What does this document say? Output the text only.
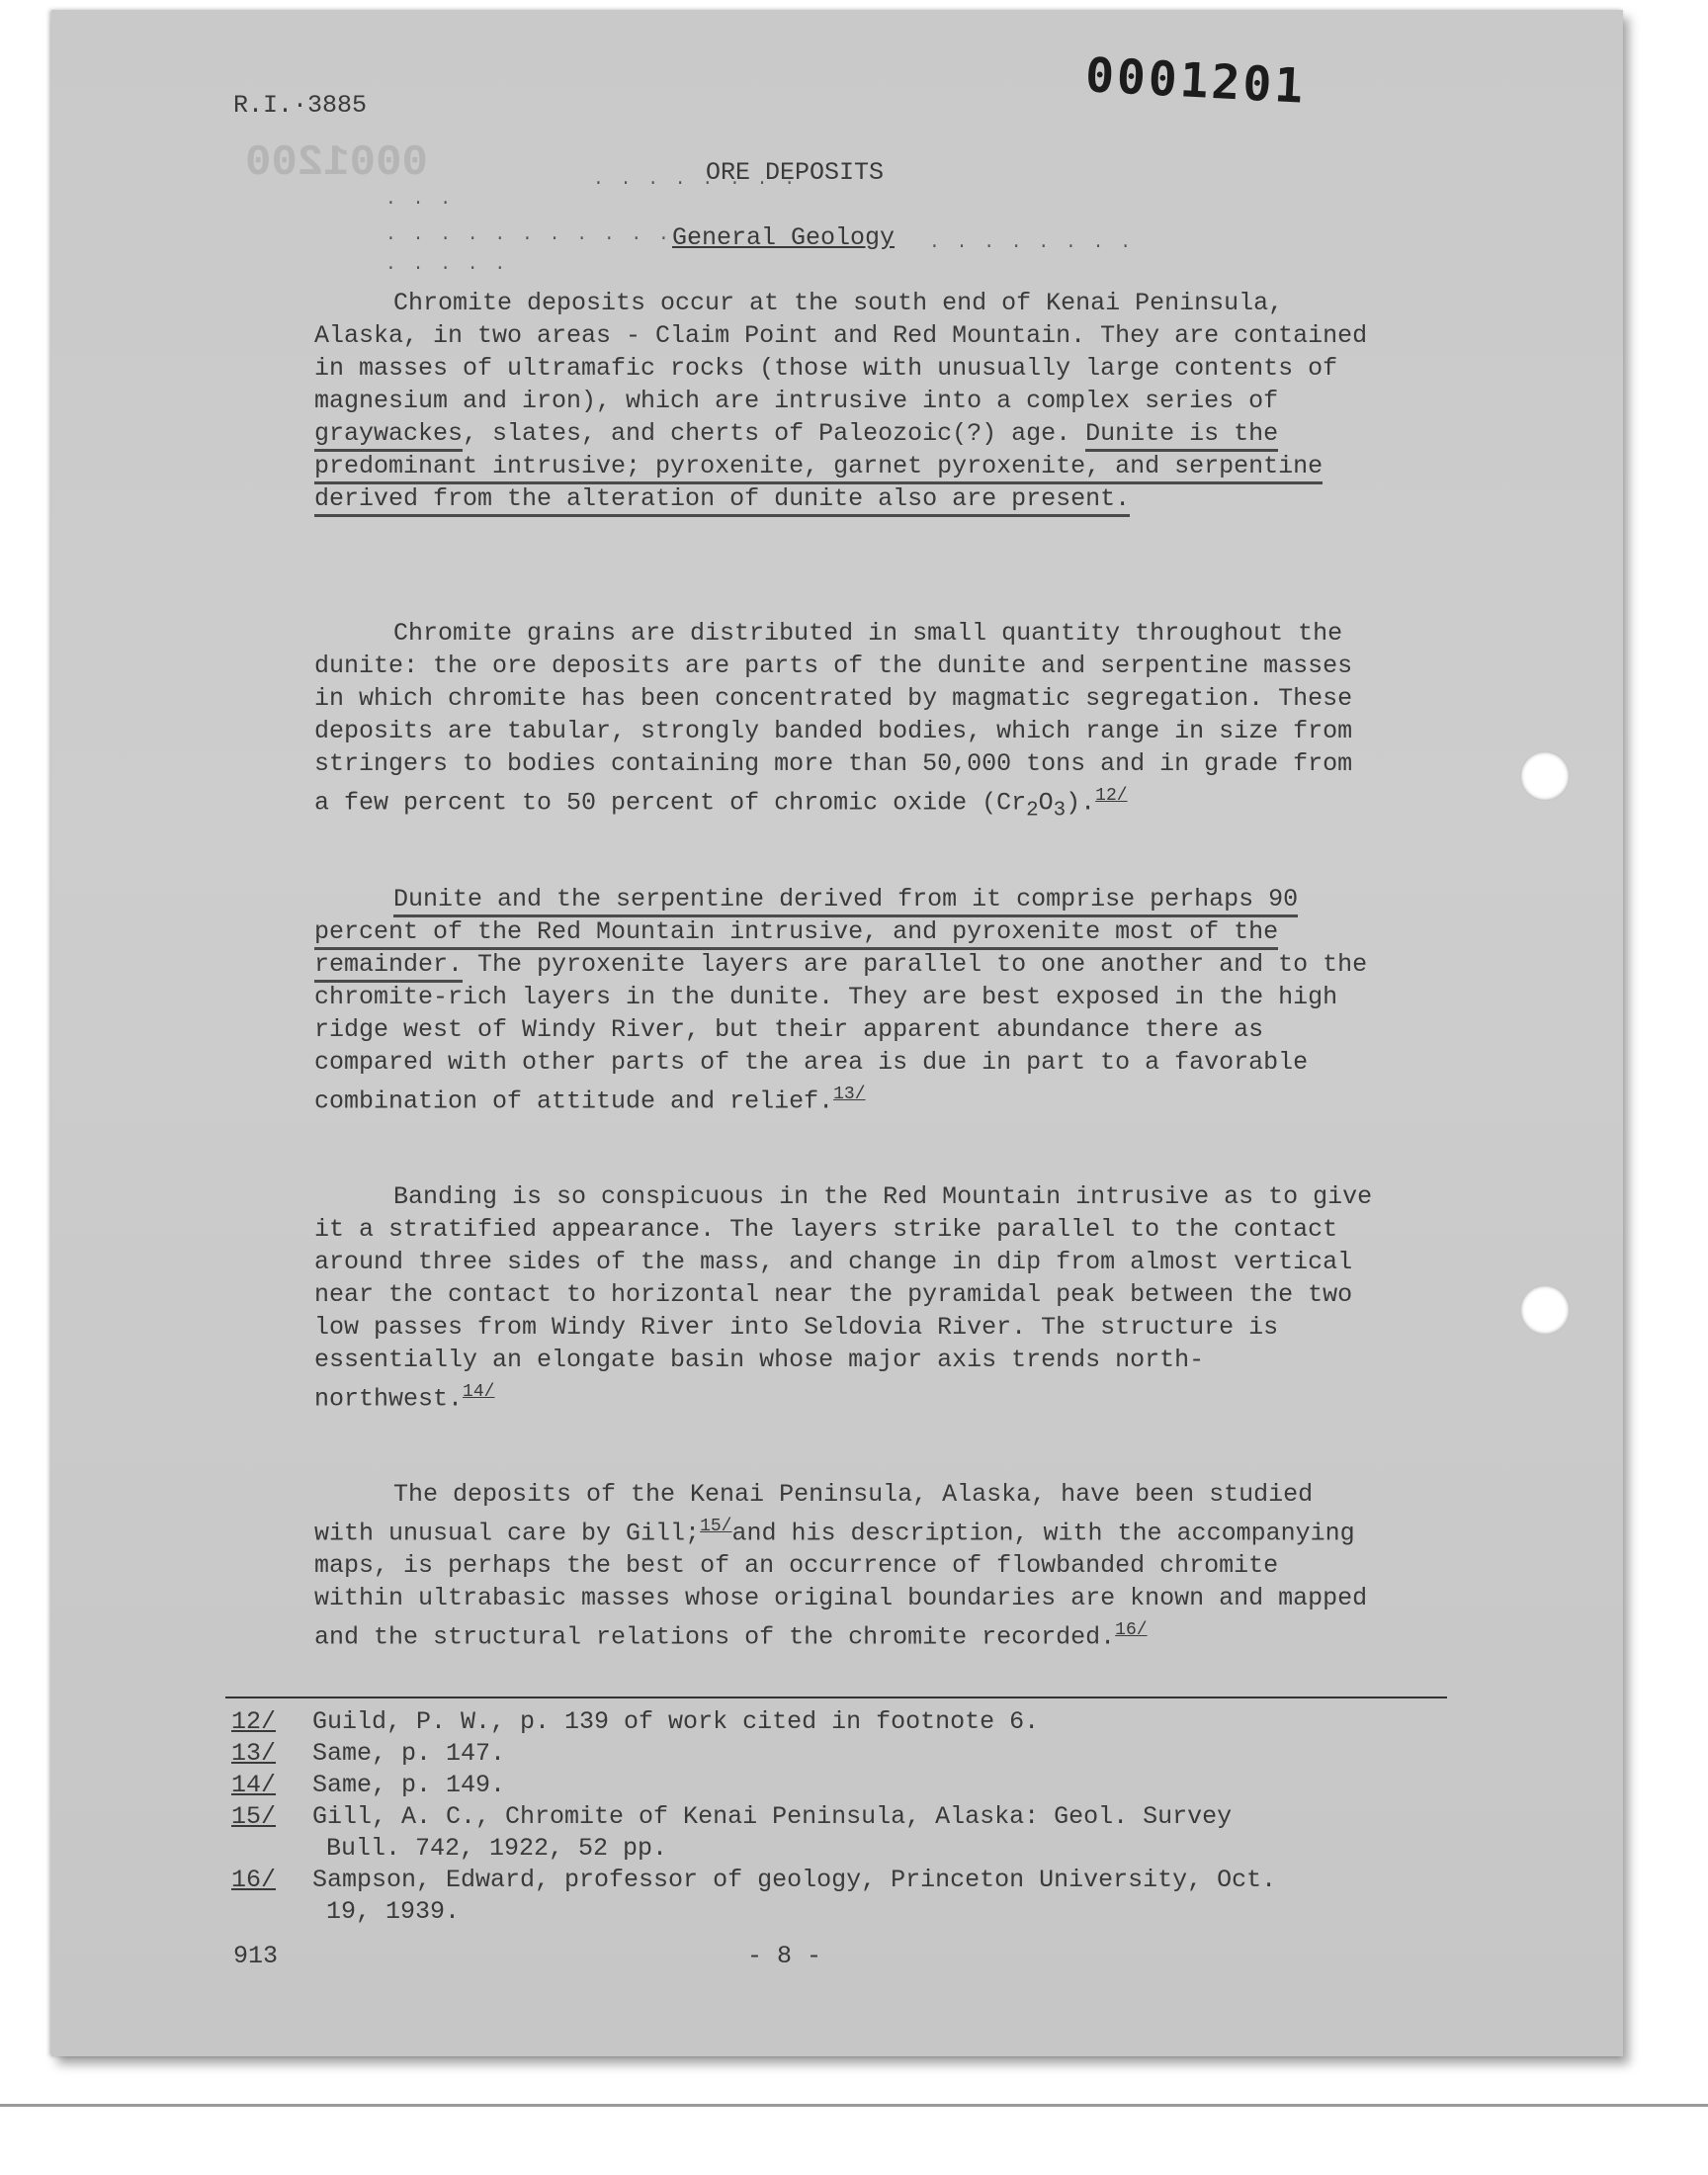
0001200
R.I.·3885	0001201
· · ·
· · · · · · · ·
ORE DEPOSITS
· · · · · · · · · · · ·
General Geology · · · · · · · ·
· · · · ·

Chromite deposits occur at the south end of Kenai Peninsula, Alaska, in two areas - Claim Point and Red Mountain. They are contained in masses of ultramafic rocks (those with unusually large contents of magnesium and iron), which are intrusive into a complex series of graywackes, slates, and cherts of Paleozoic(?) age. Dunite is the predominant intrusive; pyroxenite, garnet pyroxenite, and serpentine derived from the alteration of dunite also are present.

Chromite grains are distributed in small quantity throughout the dunite: the ore deposits are parts of the dunite and serpentine masses in which chromite has been concentrated by magmatic segregation. These deposits are tabular, strongly banded bodies, which range in size from stringers to bodies containing more than 50,000 tons and in grade from a few percent to 50 percent of chromic oxide $(Cr_2O_3).^{12/}$

Dunite and the serpentine derived from it comprise perhaps 90 percent of the Red Mountain intrusive, and pyroxenite most of the remainder. The pyroxenite layers are parallel to one another and to the chromite-rich layers in the dunite. They are best exposed in the high ridge west of Windy River, but their apparent abundance there as compared with other parts of the area is due in part to a favorable combination of attitude and relief.$^{13/}$

Banding is so conspicuous in the Red Mountain intrusive as to give it a stratified appearance. The layers strike parallel to the contact around three sides of the mass, and change in dip from almost vertical near the contact to horizontal near the pyramidal peak between the two low passes from Windy River into Seldovia River. The structure is essentially an elongate basin whose major axis trends north-northwest.$^{14/}$

The deposits of the Kenai Peninsula, Alaska, have been studied with unusual care by Gill;$^{15/}$and his description, with the accompanying maps, is perhaps the best of an occurrence of flowbanded chromite within ultrabasic masses whose original boundaries are known and mapped and the structural relations of the chromite recorded.$^{16/}$

12/	Guild, P. W., p. 139 of work cited in footnote 6.
13/	Same, p. 147.
14/	Same, p. 149.
15/	Gill, A. C., Chromite of Kenai Peninsula, Alaska: Geol. Survey
Bull. 742, 1922, 52 pp.
16/	Sampson, Edward, professor of geology, Princeton University, Oct.
19, 1939.
913	- 8 -
